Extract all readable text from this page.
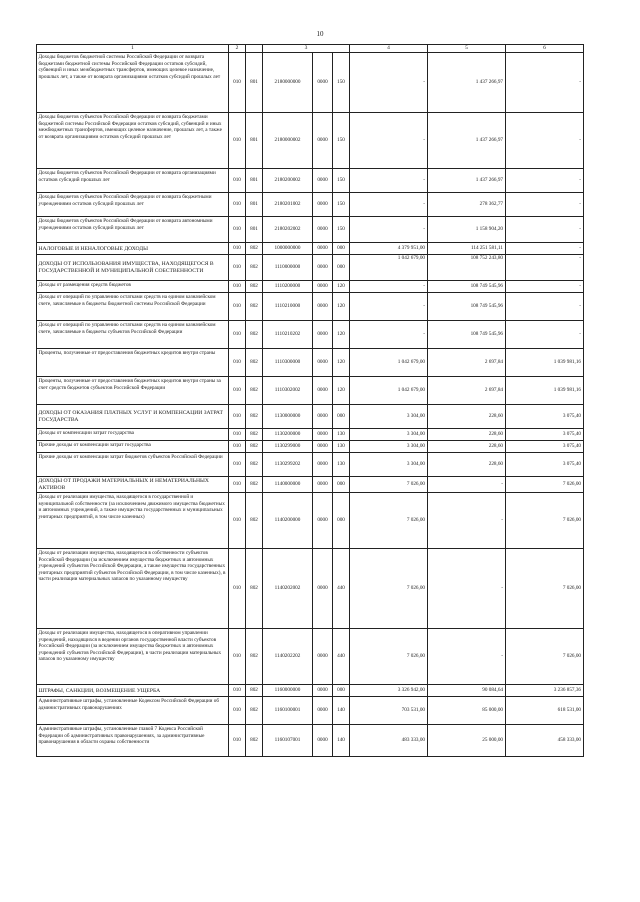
10
1	2		3			4	5	6
Доходы бюджетов бюджетной системы Российской Федерации от возврата бюджетами бюджетной системы Российской Федерации остатков субсидий, субвенций и иных межбюджетных трансфертов, имеющих целевое назначение, прошлых лет, а также от возврата организациями остатков субсидий прошлых лет	010	801	2180000000	0000	150	-	1 437 266,97	-
Доходы бюджетов субъектов Российской Федерации от возврата бюджетами бюджетной системы Российской Федерации остатков субсидий, субвенций и иных межбюджетных трансфертов, имеющих целевое назначение, прошлых лет, а также от возврата организациями остатков субсидий прошлых лет	010	801	2180000002	0000	150	-	1 437 266,97	-
Доходы бюджетов субъектов Российской Федерации от возврата организациями остатков субсидий прошлых лет	010	801	2180200002	0000	150	-	1 437 266,97	-
Доходы бюджетов субъектов Российской Федерации от возврата бюджетными учреждениями остатков субсидий прошлых лет	010	801	2180201002	0000	150	-	278 362,77	-
Доходы бюджетов субъектов Российской Федерации от возврата автономными учреждениями остатков субсидий прошлых лет	010	801	2180202002	0000	150	-	1 158 904,20	-
НАЛОГОВЫЕ И НЕНАЛОГОВЫЕ ДОХОДЫ	010	802	1000000000	0000	000	4 379 951,00	114 251 581,11	-
ДОХОДЫ ОТ ИСПОЛЬЗОВАНИЯ ИМУЩЕСТВА, НАХОДЯЩЕГОСЯ В ГОСУДАРСТВЕННОЙ И МУНИЦИПАЛЬНОЙ СОБСТВЕННОСТИ	010	802	1110000000	0000	000	1 042 679,00	108 752 243,80	-
Доходы от размещения средств бюджетов	010	802	1110200000	0000	120	-	108 749 545,96	-
Доходы от операций по управлению остатками средств на едином казначейском счете, зачисляемые в бюджеты бюджетной системы Российской Федерации	010	802	1110210000	0000	120	-	108 749 545,96	-
Доходы от операций по управлению остатками средств на едином казначейском счете, зачисляемые в бюджеты субъектов Российской Федерации	010	802	1110210202	0000	120	-	108 749 545,96	-
Проценты, полученные от предоставления бюджетных кредитов внутри страны	010	802	1110300000	0000	120	1 042 679,00	2 697,84	1 039 981,16
Проценты, полученные от предоставления бюджетных кредитов внутри страны за счет средств бюджетов субъектов Российской Федерации	010	802	1110302002	0000	120	1 042 679,00	2 697,84	1 039 981,16
ДОХОДЫ ОТ ОКАЗАНИЯ ПЛАТНЫХ УСЛУГ И КОМПЕНСАЦИИ ЗАТРАТ ГОСУДАРСТВА	010	802	1130000000	0000	000	3 304,00	228,60	3 075,40
Доходы от компенсации затрат государства	010	802	1130200000	0000	130	3 304,00	228,60	3 075,40
Прочие доходы от компенсации затрат государства	010	802	1130299000	0000	130	3 304,00	228,60	3 075,40
Прочие доходы от компенсации затрат бюджетов субъектов Российской Федерации	010	802	1130299202	0000	130	3 304,00	228,60	3 075,40
ДОХОДЫ ОТ ПРОДАЖИ МАТЕРИАЛЬНЫХ И НЕМАТЕРИАЛЬНЫХ АКТИВОВ	010	802	1140000000	0000	000	7 026,00	-	7 026,00
Доходы от реализации имущества, находящегося в государственной и муниципальной собственности (за исключением движимого имущества бюджетных и автономных учреждений, а также имущества государственных и муниципальных унитарных предприятий, в том числе казенных)	010	802	1140200000	0000	000	7 026,00	-	7 026,00
Доходы от реализации имущества, находящегося в собственности субъектов Российской Федерации (за исключением имущества бюджетных и автономных учреждений субъектов Российской Федерации, а также имущества государственных унитарных предприятий субъектов Российской Федерации, в том числе казенных), в части реализации материальных запасов по указанному имуществу	010	802	1140202002	0000	440	7 026,00	-	7 026,00
Доходы от реализации имущества, находящегося в оперативном управлении учреждений, находящихся в ведении органов государственной власти субъектов Российской Федерации (за исключением имущества бюджетных и автономных учреждений субъектов Российской Федерации), в части реализации материальных запасов по указанному имуществу	010	802	1140202202	0000	440	7 026,00	-	7 026,00
ШТРАФЫ, САНКЦИИ, ВОЗМЕЩЕНИЕ УЩЕРБА	010	802	1160000000	0000	000	3 326 942,00	90 084,64	3 236 857,36
Административные штрафы, установленные Кодексом Российской Федерации об административных правонарушениях	010	802	1160100001	0000	140	703 531,00	85 000,00	618 531,00
Административные штрафы, установленные главой 7 Кодекса Российской Федерации об административных правонарушениях, за административные правонарушения в области охраны собственности	010	802	1160107001	0000	140	483 333,00	25 000,00	458 333,00
